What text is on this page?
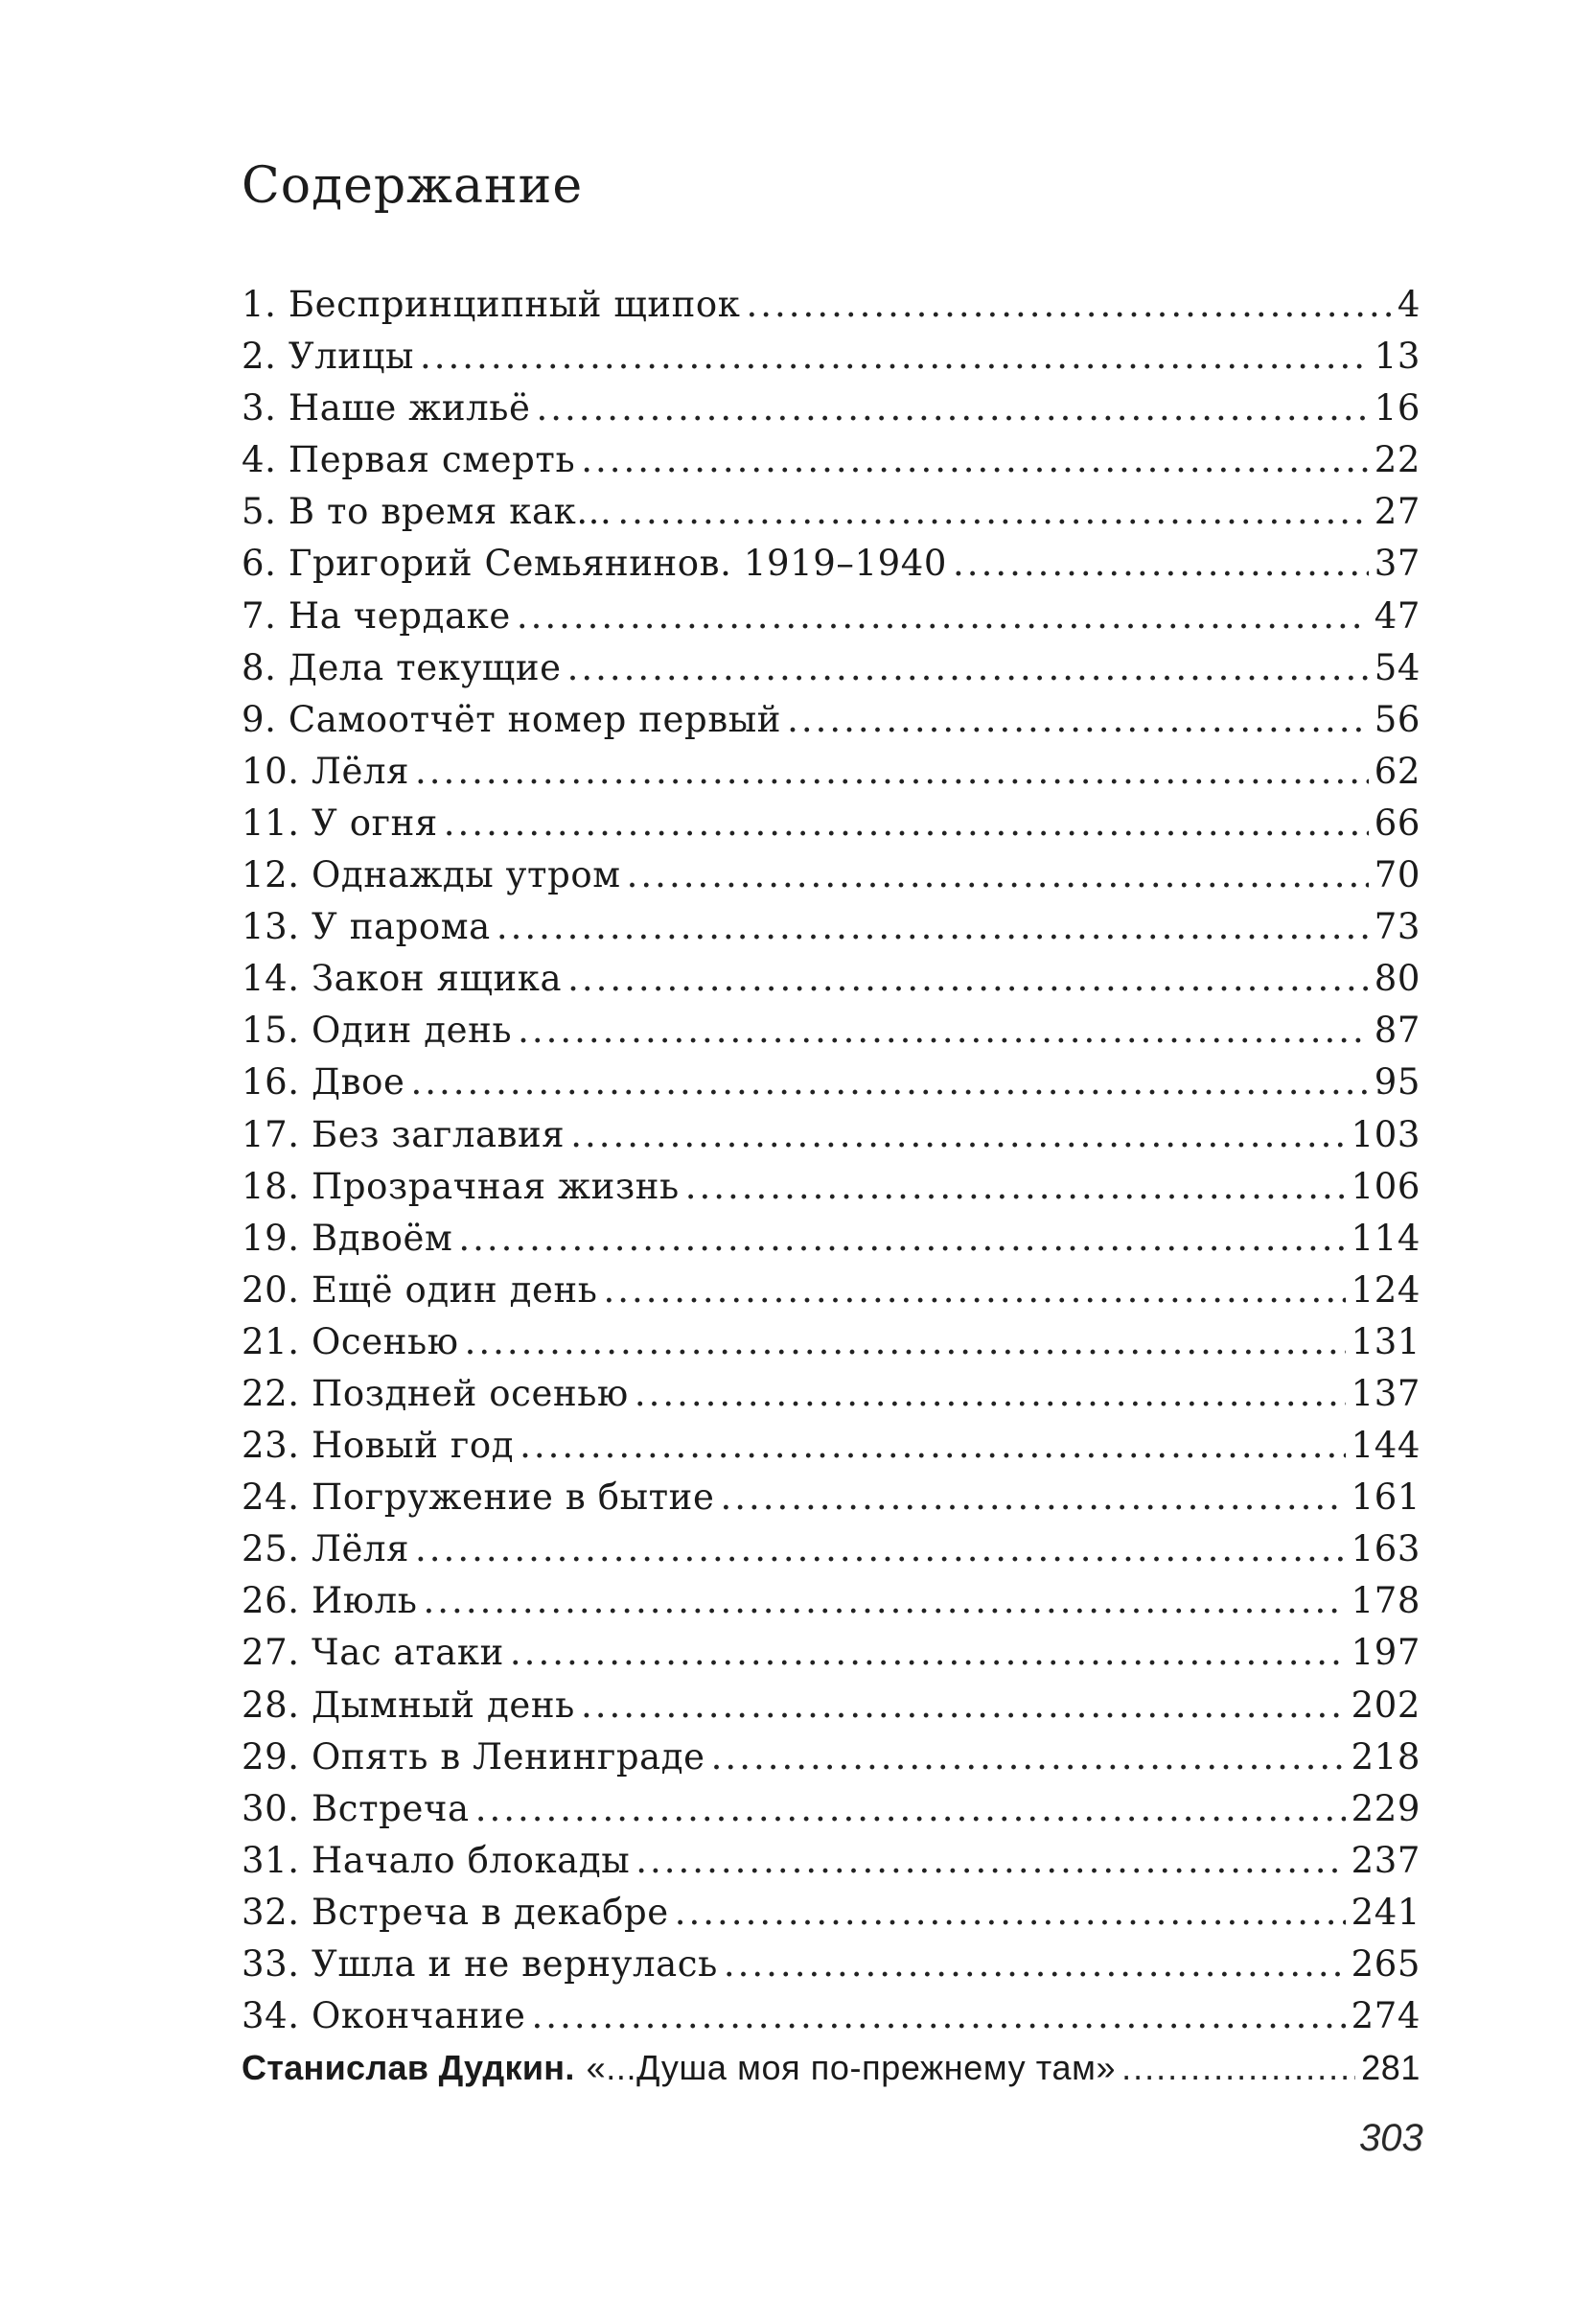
Содержание
1. Беспринципный щипок .....	4
2. Улицы .....	13
3. Наше жильё .....	16
4. Первая смерть .....	22
5. В то время как... .....	27
6. Григорий Семьянинов. 1919–1940 .....	37
7. На чердаке .....	47
8. Дела текущие .....	54
9. Самоотчёт номер первый .....	56
10. Лёля .....	62
11. У огня .....	66
12. Однажды утром .....	70
13. У парома .....	73
14. Закон ящика .....	80
15. Один день .....	87
16. Двое .....	95
17. Без заглавия .....	103
18. Прозрачная жизнь .....	106
19. Вдвоём .....	114
20. Ещё один день .....	124
21. Осенью .....	131
22. Поздней осенью .....	137
23. Новый год .....	144
24. Погружение в бытие .....	161
25. Лёля .....	163
26. Июль .....	178
27. Час атаки .....	197
28. Дымный день .....	202
29. Опять в Ленинграде .....	218
30. Встреча .....	229
31. Начало блокады .....	237
32. Встреча в декабре .....	241
33. Ушла и не вернулась .....	265
34. Окончание .....	274
Станислав Дудкин. «...Душа моя по-прежнему там» .....	281
303
